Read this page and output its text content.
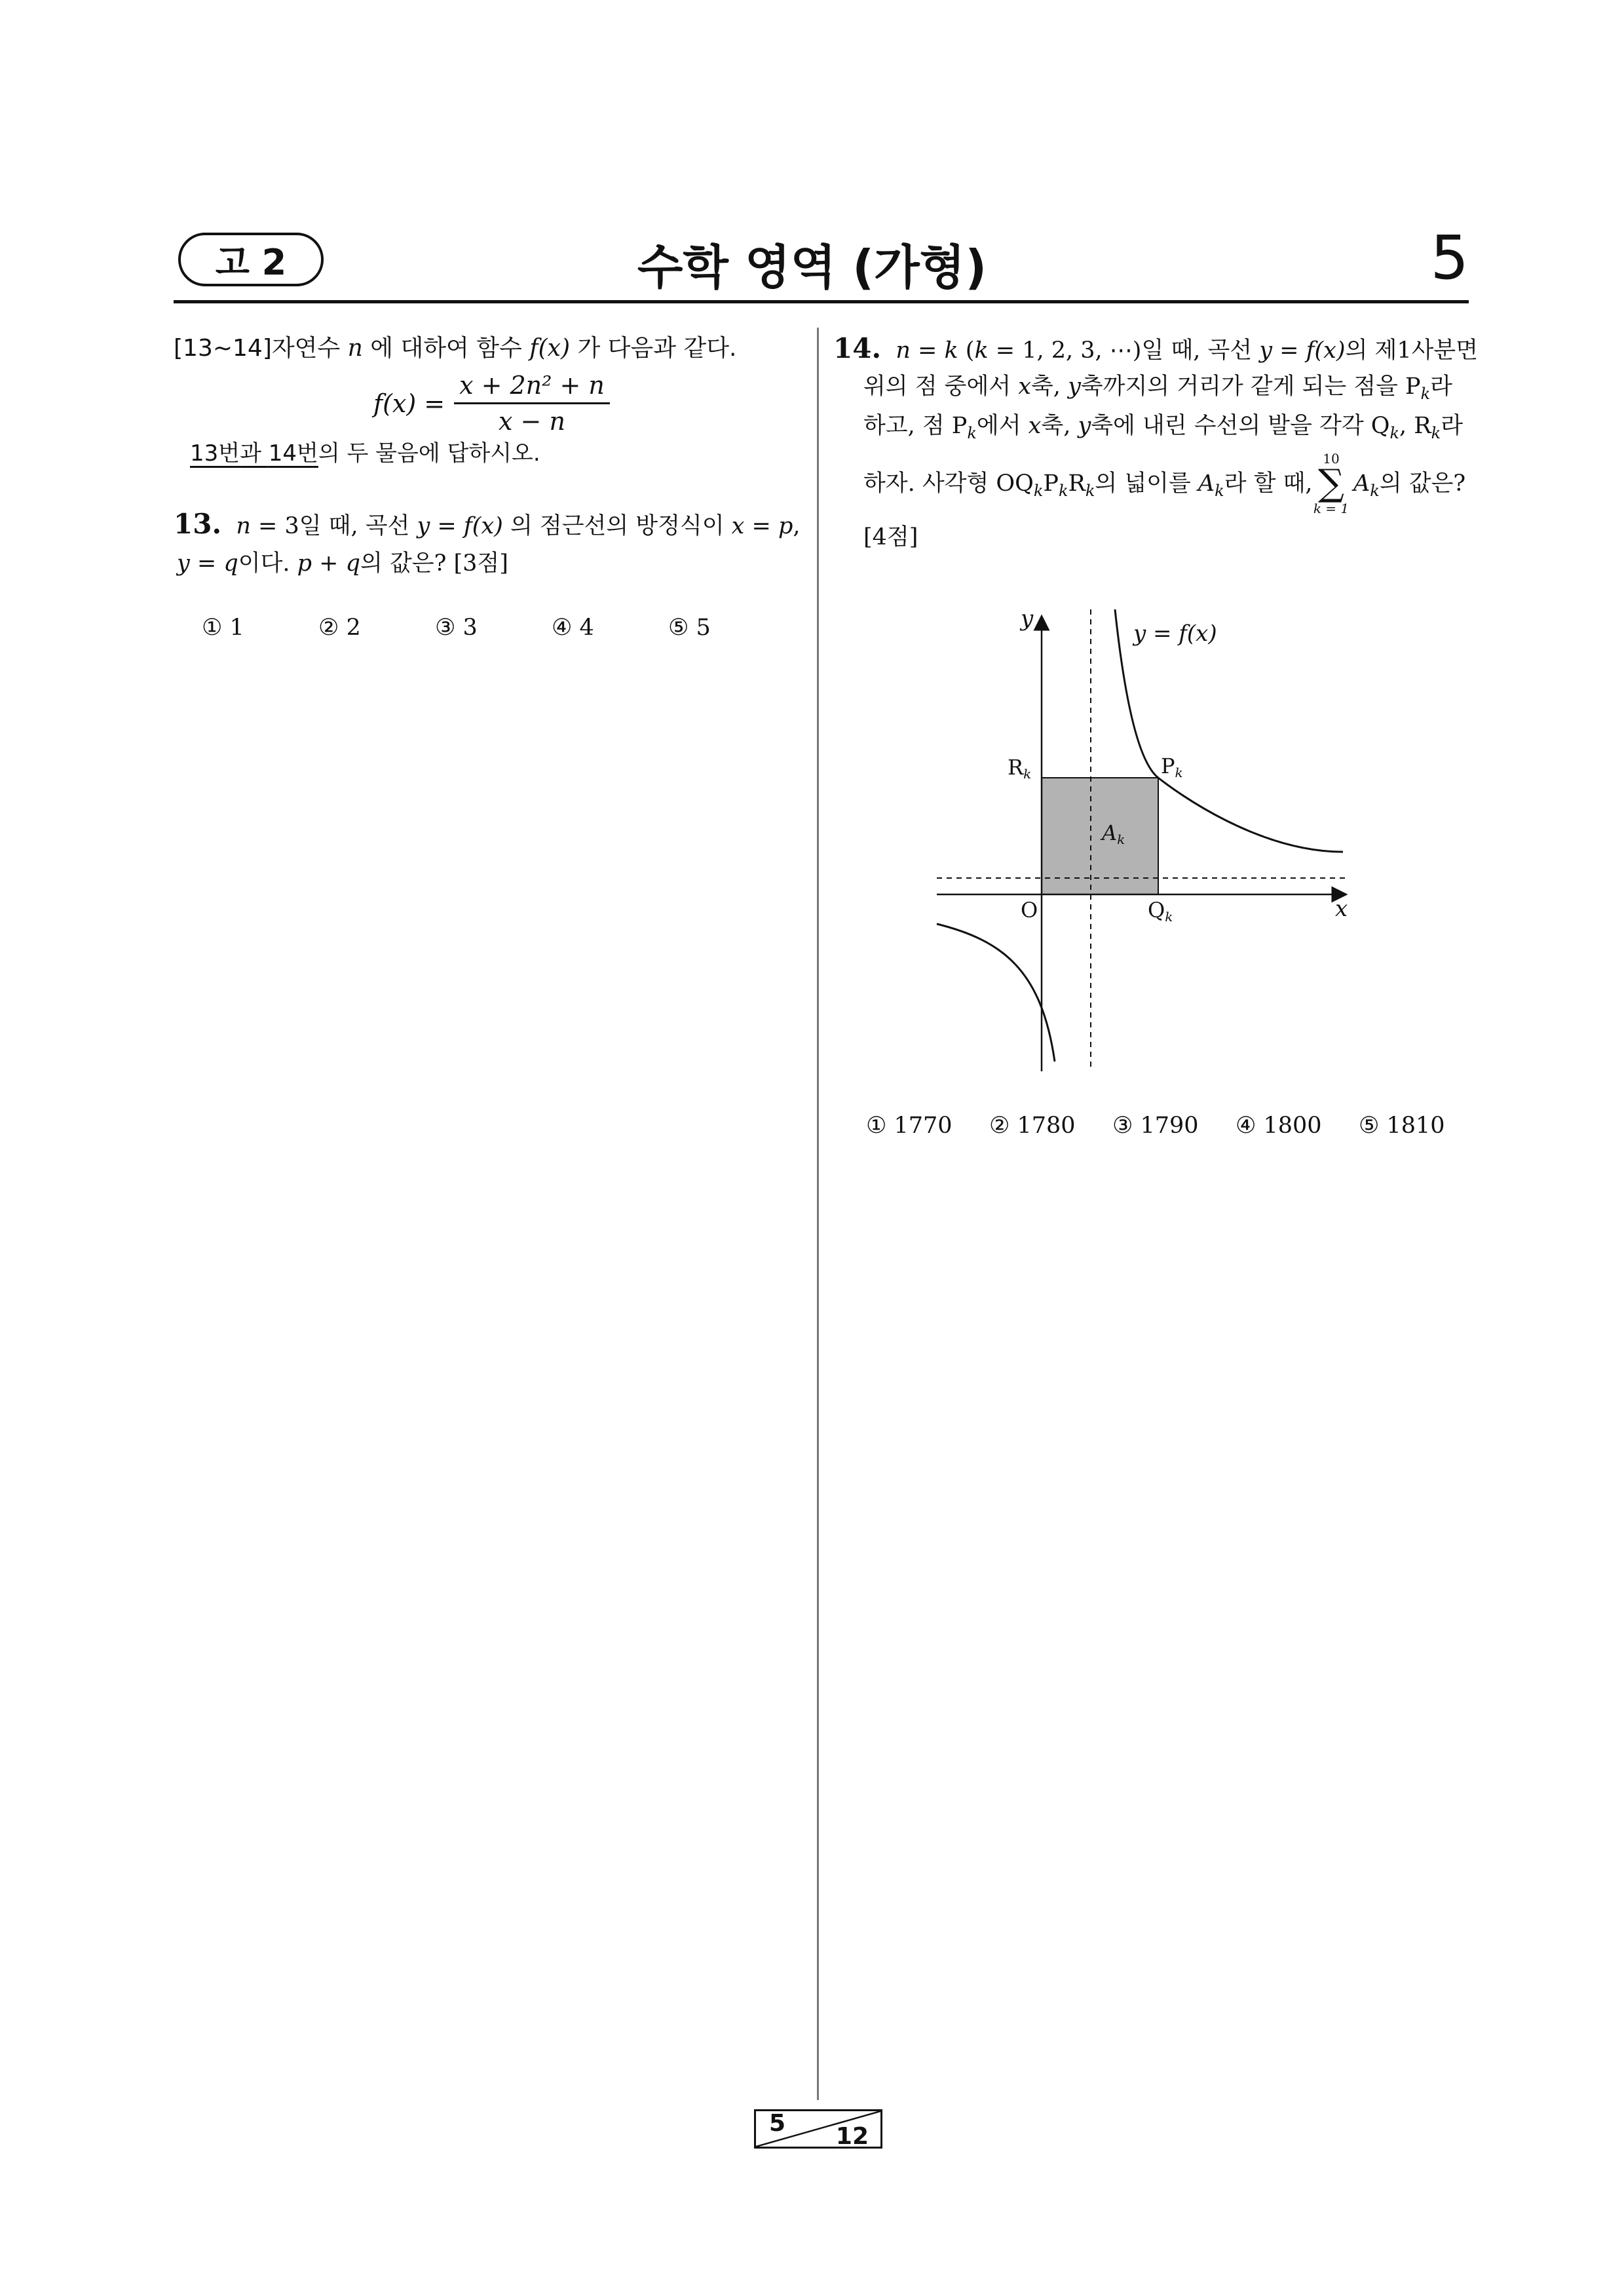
고 2	수학 영역 (가형)	5
[13~14]자연수 n 에 대하여 함수 f(x) 가 다음과 같다.
$f(x) = \frac{\text{x + 2n² + n}}{x - n}$
13번과 14번의 두 물음에 답하시오.
13. n = 3일 때, 곡선 y = f(x) 의 점근선의 방정식이 x = p,
y = q이다. p + q의 값은? [3점]
① 1	② 2	③ 3	④ 4	⑤ 5
14. n = k (k = 1, 2, 3, ⋯)일 때, 곡선 y = f(x)의 제1사분면
위의 점 중에서 x축, y축까지의 거리가 같게 되는 점을 $P_k$라
하고, 점 $P_k$에서 x축, y축에 내린 수선의 발을 각각 $Q_k$, $R_k$라
하자. 사각형 $OQ_kP_kR_k$의 넓이를 $A_k$라 할 때,
10
∑
k = 1
$A_k$의 값은?
[4점]
y
x
O
y = f(x)
Rk	Pk
Qk
Ak
① 1770	② 1780	③ 1790	④ 1800	⑤ 1810
5 12
